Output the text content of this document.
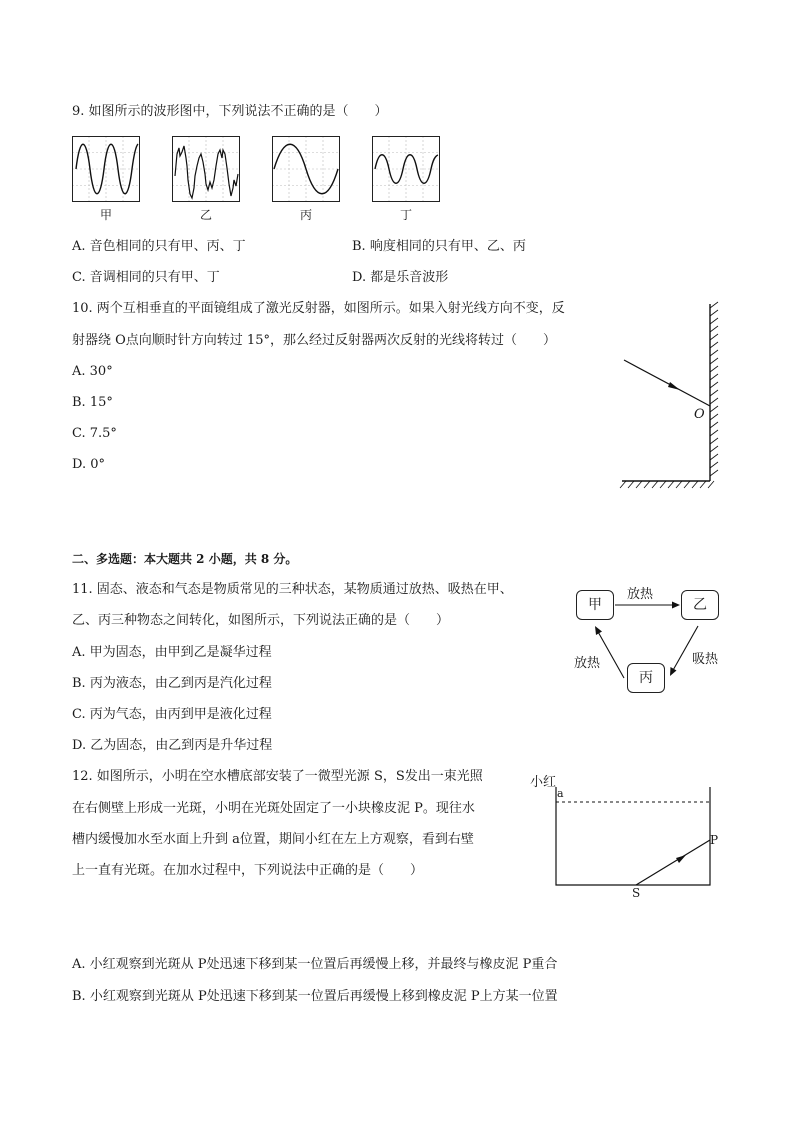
9. 如图所示的波形图中，下列说法不正确的是（　　）
甲	乙	丙	丁
A. 音色相同的只有甲、丙、丁	B. 响度相同的只有甲、乙、丙
C. 音调相同的只有甲、丁	D. 都是乐音波形
10. 两个互相垂直的平面镜组成了激光反射器，如图所示。如果入射光线方向不变，反
射器绕 O点向顺时针方向转过 15°，那么经过反射器两次反射的光线将转过（　　）
A. 30°
B. 15°
C. 7.5°
D. 0°
O
二、多选题：本大题共 2 小题，共 8 分。
11. 固态、液态和气态是物质常见的三种状态，某物质通过放热、吸热在甲、
乙、丙三种物态之间转化，如图所示，下列说法正确的是（　　）
A. 甲为固态，由甲到乙是凝华过程
B. 丙为液态，由乙到丙是汽化过程
C. 丙为气态，由丙到甲是液化过程
D. 乙为固态，由乙到丙是升华过程
甲	乙
丙
放热
吸热
放热
12. 如图所示，小明在空水槽底部安装了一微型光源 S，S发出一束光照
在右侧壁上形成一光斑，小明在光斑处固定了一小块橡皮泥 P。现往水
槽内缓慢加水至水面上升到 a位置，期间小红在左上方观察，看到右壁
上一直有光斑。在加水过程中，下列说法中正确的是（　　）
小红
a
S
P
A. 小红观察到光斑从 P处迅速下移到某一位置后再缓慢上移，并最终与橡皮泥 P重合
B. 小红观察到光斑从 P处迅速下移到某一位置后再缓慢上移到橡皮泥 P上方某一位置
